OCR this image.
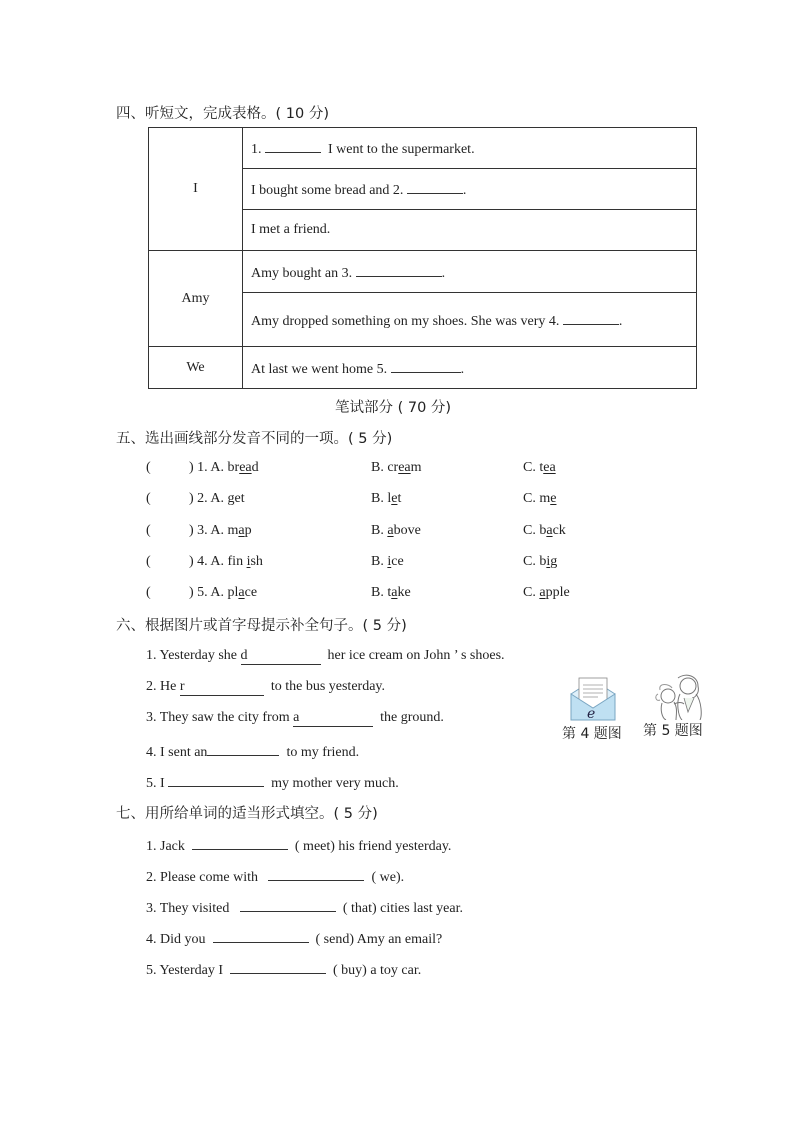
四、听短文，完成表格。( 10 分)
I	1. I went to the supermarket.
	I bought some bread and 2. .
	I met a friend.
Amy	Amy bought an 3. .
	Amy dropped something on my shoes. She was very 4. .
We	At last we went home 5. .
笔试部分 ( 70 分)
五、选出画线部分发音不同的一项。( 5 分)
(	) 1. A. bread	B. cream	C. tea
(	) 2. A. get	B. let	C. me
(	) 3. A. map	B. above	C. back
(	) 4. A. fin ish	B. ice	C. big
(	) 5. A. place	B. take	C. apple
六、根据图片或首字母提示补全句子。( 5 分)
1. Yesterday she d	her ice cream on John ’ s shoes.
2. He r	to the bus yesterday.
3. They saw the city from a	the ground.
4. I sent an	to my friend.
5. I	my mother very much.
e
第 4 题图 第 5 题图
七、用所给单词的适当形式填空。( 5 分)
1. Jack	( meet) his friend yesterday.
2. Please come with	( we).
3. They visited	( that) cities last year.
4. Did you	( send) Amy an email?
5. Yesterday I	( buy) a toy car.
